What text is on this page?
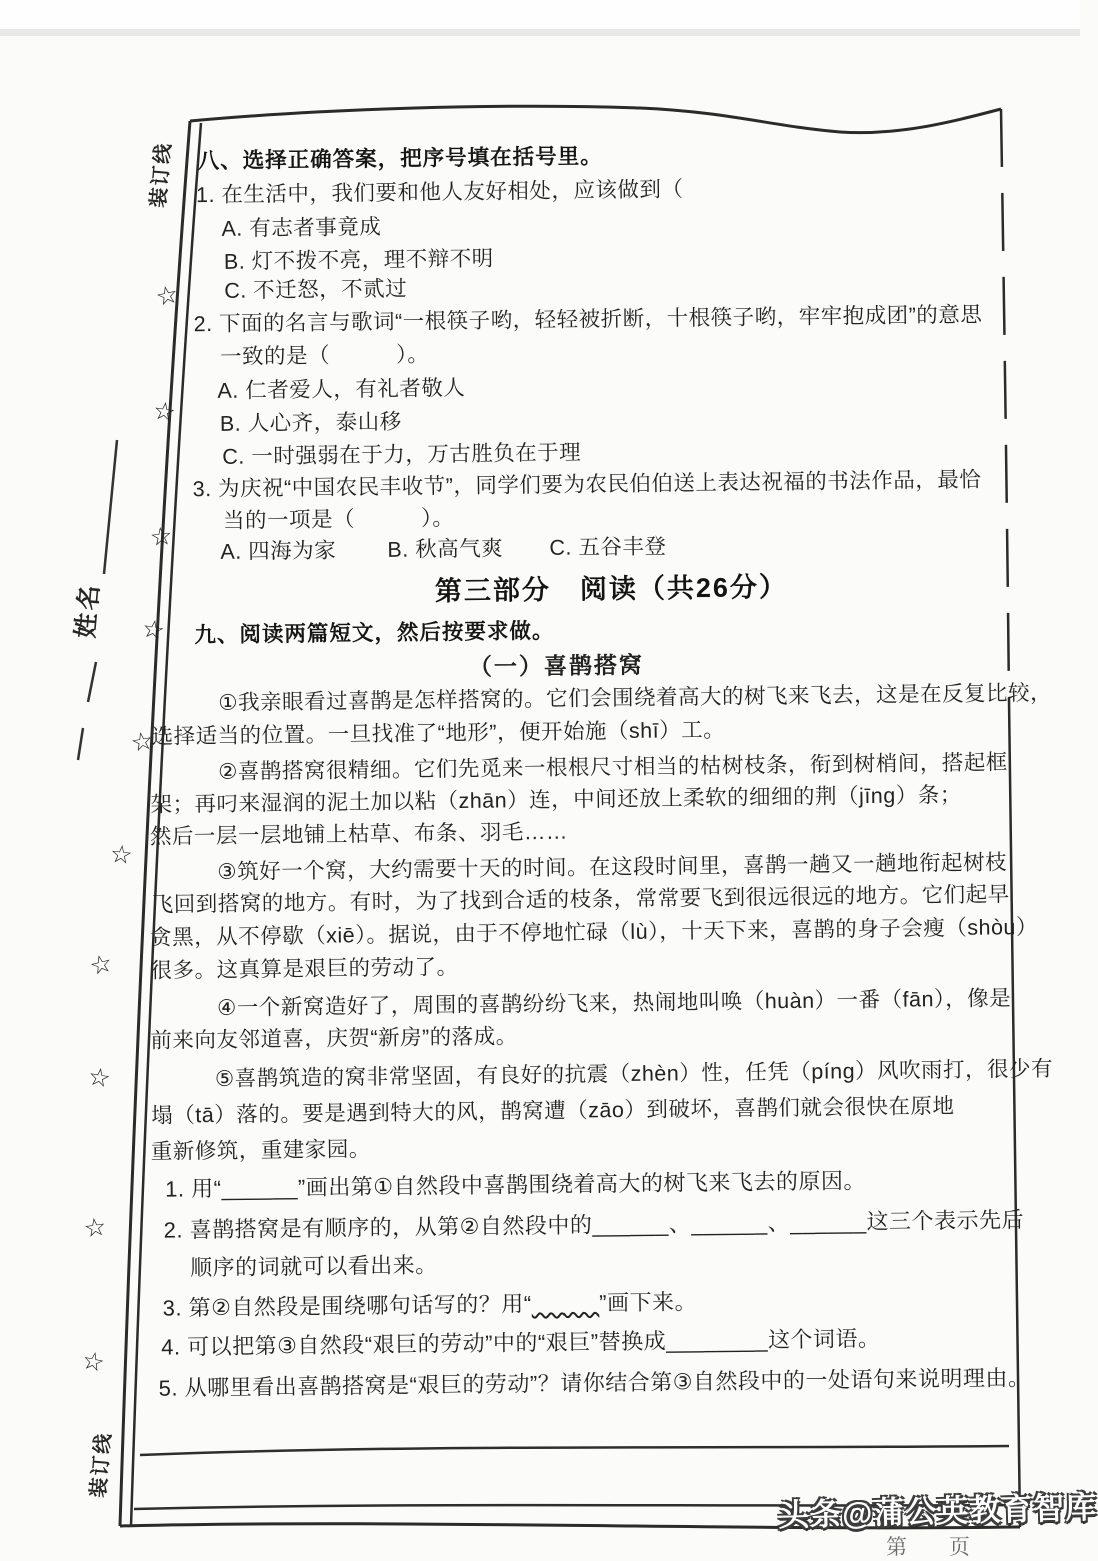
装订线
姓名
装订线
☆
☆
☆
☆
☆
☆
☆
☆
☆
☆
八、选择正确答案，把序号填在括号里。
1. 在生活中，我们要和他人友好相处，应该做到（
A. 有志者事竟成
B. 灯不拨不亮，理不辩不明
C. 不迁怒，不贰过
2. 下面的名言与歌词“一根筷子哟，轻轻被折断，十根筷子哟，牢牢抱成团”的意思
一致的是（　　　）。
A. 仁者爱人，有礼者敬人
B. 人心齐，泰山移
C. 一时强弱在于力，万古胜负在于理
3. 为庆祝“中国农民丰收节”，同学们要为农民伯伯送上表达祝福的书法作品，最恰
当的一项是（　　　）。
A. 四海为家 B. 秋高气爽 C. 五谷丰登
第三部分　阅读（共26分）
九、阅读两篇短文，然后按要求做。
（一）喜鹊搭窝
①我亲眼看过喜鹊是怎样搭窝的。它们会围绕着高大的树飞来飞去，这是在反复比较，
选择适当的位置。一旦找准了“地形”，便开始施（shī）工。
②喜鹊搭窝很精细。它们先觅来一根根尺寸相当的枯树枝条，衔到树梢间，搭起框
架；再叼来湿润的泥土加以粘（zhān）连，中间还放上柔软的细细的荆（jīng）条；
然后一层一层地铺上枯草、布条、羽毛……
③筑好一个窝，大约需要十天的时间。在这段时间里，喜鹊一趟又一趟地衔起树枝
飞回到搭窝的地方。有时，为了找到合适的枝条，常常要飞到很远很远的地方。它们起早
贪黑，从不停歇（xiē）。据说，由于不停地忙碌（lù），十天下来，喜鹊的身子会瘦（shòu）
很多。这真算是艰巨的劳动了。
④一个新窝造好了，周围的喜鹊纷纷飞来，热闹地叫唤（huàn）一番（fān），像是
前来向友邻道喜，庆贺“新房”的落成。
⑤喜鹊筑造的窝非常坚固，有良好的抗震（zhèn）性，任凭（píng）风吹雨打，很少有
塌（tā）落的。要是遇到特大的风，鹊窝遭（zāo）到破坏，喜鹊们就会很快在原地
重新修筑，重建家园。
1. 用“______”画出第①自然段中喜鹊围绕着高大的树飞来飞去的原因。
2. 喜鹊搭窝是有顺序的，从第②自然段中的______、______、______这三个表示先后
顺序的词就可以看出来。
3. 第②自然段是围绕哪句话写的？用“　　　	”画下来。
4. 可以把第③自然段“艰巨的劳动”中的“艰巨”替换成________这个词语。
5. 从哪里看出喜鹊搭窝是“艰巨的劳动”？请你结合第③自然段中的一处语句来说明理由。
头条@蒲公英教育智库
第 页
